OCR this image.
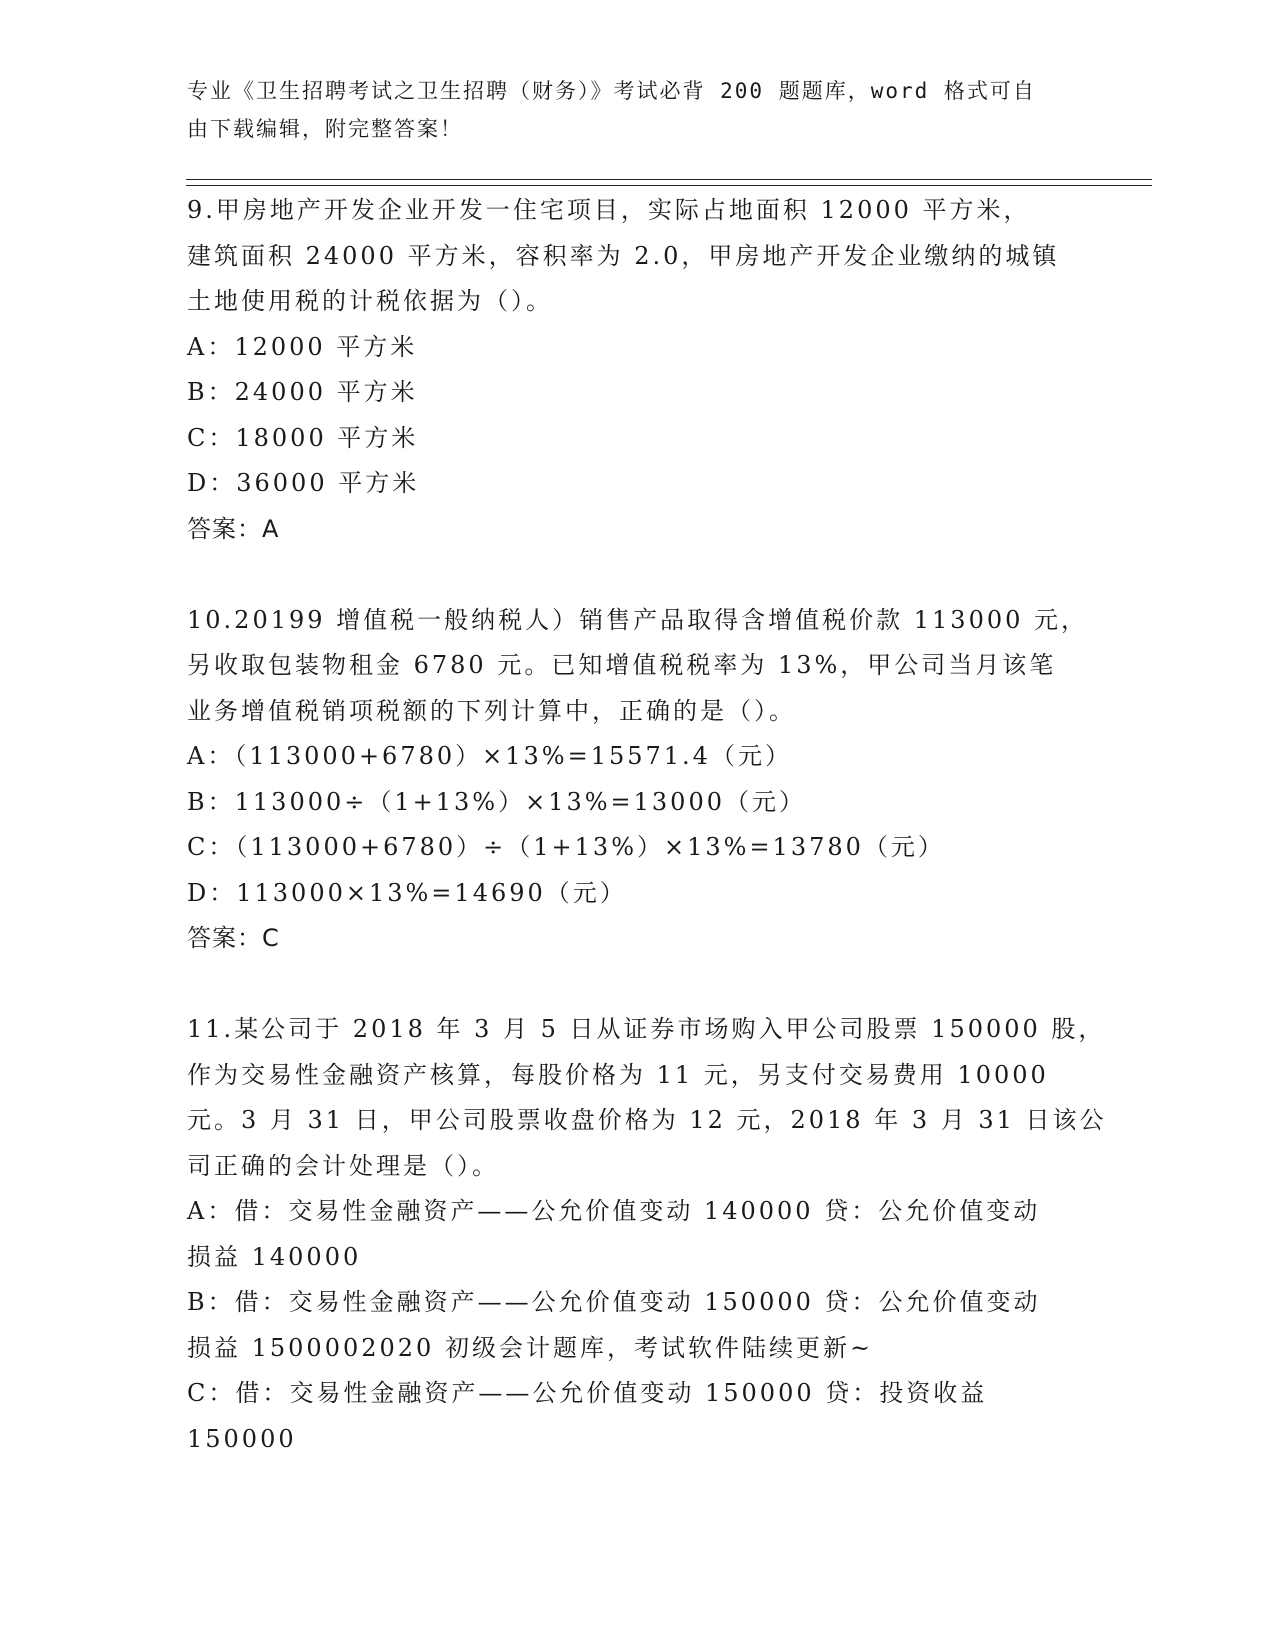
专业《卫生招聘考试之卫生招聘（财务）》考试必背 200 题题库，word 格式可自
由下载编辑，附完整答案！
9.甲房地产开发企业开发一住宅项目，实际占地面积 12000 平方米，
建筑面积 24000 平方米，容积率为 2.0，甲房地产开发企业缴纳的城镇
土地使用税的计税依据为（）。
A：12000 平方米
B：24000 平方米
C：18000 平方米
D：36000 平方米
答案：A
10.20199 增值税一般纳税人）销售产品取得含增值税价款 113000 元，
另收取包装物租金 6780 元。已知增值税税率为 13%，甲公司当月该笔
业务增值税销项税额的下列计算中，正确的是（）。
A：（113000+6780）×13%=15571.4（元）
B：113000÷（1+13%）×13%=13000（元）
C：（113000+6780）÷（1+13%）×13%=13780（元）
D：113000×13%=14690（元）
答案：C
11.某公司于 2018 年 3 月 5 日从证券市场购入甲公司股票 150000 股，
作为交易性金融资产核算，每股价格为 11 元，另支付交易费用 10000
元。3 月 31 日，甲公司股票收盘价格为 12 元，2018 年 3 月 31 日该公
司正确的会计处理是（）。
A：借：交易性金融资产——公允价值变动 140000 贷：公允价值变动
损益 140000
B：借：交易性金融资产——公允价值变动 150000 贷：公允价值变动
损益 1500002020 初级会计题库，考试软件陆续更新~
C：借：交易性金融资产——公允价值变动 150000 贷：投资收益
150000
